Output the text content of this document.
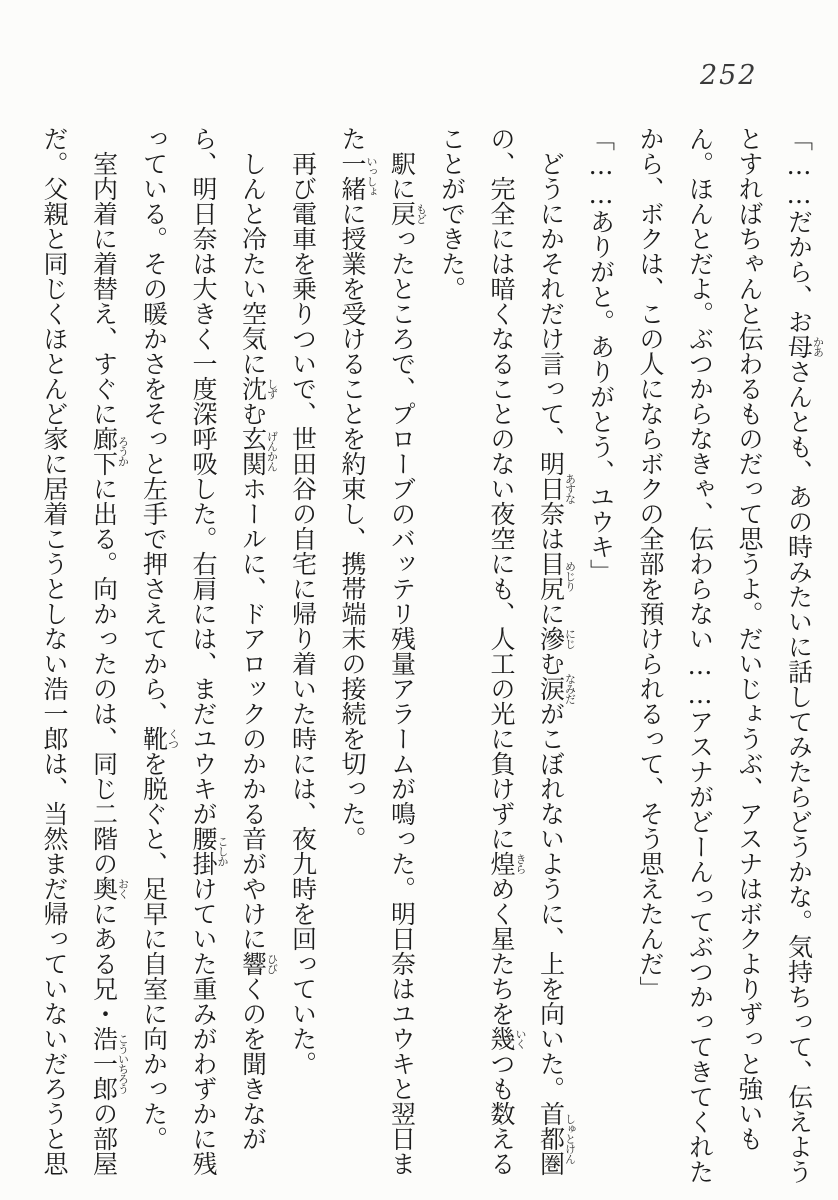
252

「……だから、お母かあさんとも、あの時みたいに話してみたらどうかな。気持ちって、伝えようとすればちゃんと伝わるものだって思うよ。だいじょうぶ、アスナはボクよりずっと強いもん。ほんとだよ。ぶつからなきゃ、伝わらない……アスナがどーんってぶつかってきてくれたから、ボクは、この人にならボクの全部を預けられるって、そう思えたんだ」

「……ありがと。ありがとう、ユウキ」

どうにかそれだけ言って、明日奈あすなは目尻めじりに滲にじむ涙なみだがこぼれないように、上を向いた。首都圏しゅとけんの、完全には暗くなることのない夜空にも、人工の光に負けずに煌きらめく星たちを幾いくつも数えることができた。

駅に戻もどったところで、プローブのバッテリ残量アラームが鳴った。明日奈はユウキと翌日また一緒いっしょに授業を受けることを約束し、携帯端末の接続を切った。

再び電車を乗りついで、世田谷の自宅に帰り着いた時には、夜九時を回っていた。

しんと冷たい空気に沈しずむ玄関げんかんホールに、ドアロックのかかる音がやけに響ひびくのを聞きながら、明日奈は大きく一度深呼吸した。右肩には、まだユウキが腰掛こしかけていた重みがわずかに残っている。その暖かさをそっと左手で押さえてから、靴くつを脱ぐと、足早に自室に向かった。

室内着に着替え、すぐに廊下ろうかに出る。向かったのは、同じ二階の奥おくにある兄・浩一郎こういちろうの部屋だ。父親と同じくほとんど家に居着こうとしない浩一郎は、当然まだ帰っていないだろうと思
